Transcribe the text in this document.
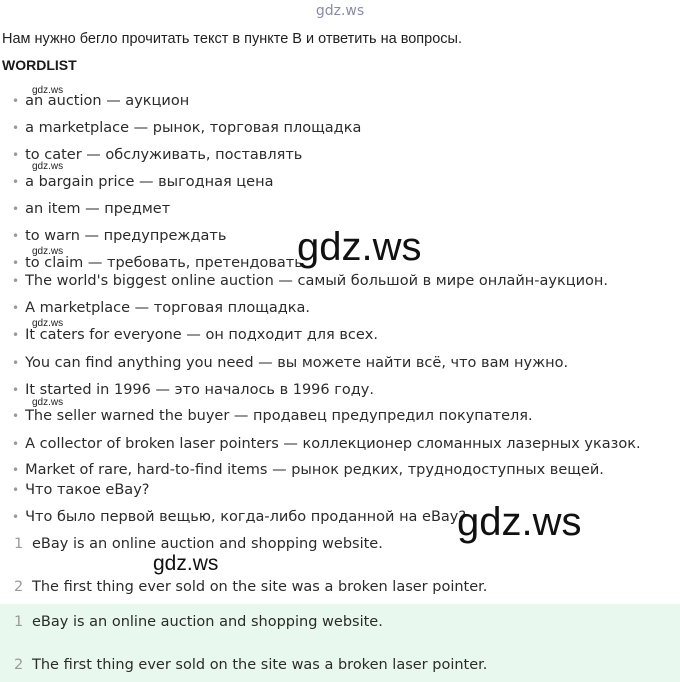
gdz.ws
Нам нужно бегло прочитать текст в пункте B и ответить на вопросы.
WORDLIST
• an auction — аукцион
• a marketplace — рынок, торговая площадка
• to cater — обслуживать, поставлять
• a bargain price — выгодная цена
• an item — предмет
• to warn — предупреждать
• to claim — требовать, претендовать
• The world's biggest online auction — самый большой в мире онлайн-аукцион.
• A marketplace — торговая площадка.
• It caters for everyone — он подходит для всех.
• You can find anything you need — вы можете найти всё, что вам нужно.
• It started in 1996 — это началось в 1996 году.
• The seller warned the buyer — продавец предупредил покупателя.
• A collector of broken laser pointers — коллекционер сломанных лазерных указок.
• Market of rare, hard-to-find items — рынок редких, труднодоступных вещей.
• Что такое eBay?
• Что было первой вещью, когда-либо проданной на eBay?
gdz.ws
gdz.ws
gdz.ws
gdz.ws
gdz.ws
gdz.ws
gdz.ws
1 eBay is an online auction and shopping website.
gdz.ws
2 The first thing ever sold on the site was a broken laser pointer.
1 eBay is an online auction and shopping website.
2 The first thing ever sold on the site was a broken laser pointer.
